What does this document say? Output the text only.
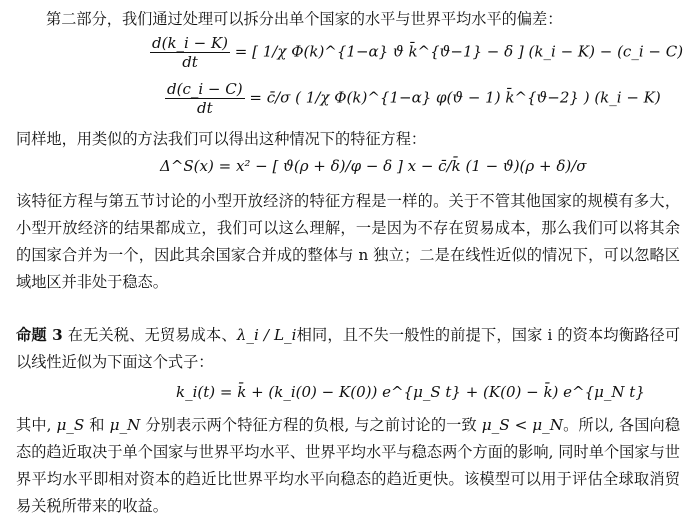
第二部分，我们通过处理可以拆分出单个国家的水平与世界平均水平的偏差：

$\frac{d(k\_i - K)}{dt}$ = [ 1/χ Φ(k)^{1−α} ϑ k̄^{ϑ−1} − δ ] (k_i − K) − (c_i − C)
$\frac{d(c\_i - C)}{dt}$ = c̄/σ ( 1/χ Φ(k)^{1−α} φ(ϑ − 1) k̄^{ϑ−2} ) (k_i − K)

同样地，用类似的方法我们可以得出这种情况下的特征方程：

Δ^S(x) = x² − [ ϑ(ρ + δ)/φ − δ ] x − c̄/k̄ (1 − ϑ)(ρ + δ)/σ

该特征方程与第五节讨论的小型开放经济的特征方程是一样的。关于不管其他国家的规模有多大，小型开放经济的结果都成立，我们可以这么理解，一是因为不存在贸易成本，那么我们可以将其余的国家合并为一个，因此其余国家合并成的整体与 n 独立；二是在线性近似的情况下，可以忽略区域地区并非处于稳态。

命题 3 在无关税、无贸易成本、λ_i / L_i相同，且不失一般性的前提下，国家 i 的资本均衡路径可以线性近似为下面这个式子：

k_i(t) = k̄ + (k_i(0) − K(0)) e^{μ_S t} + (K(0) − k̄) e^{μ_N t}

其中, μ_S 和 μ_N 分别表示两个特征方程的负根, 与之前讨论的一致 μ_S < μ_N。所以, 各国向稳态的趋近取决于单个国家与世界平均水平、世界平均水平与稳态两个方面的影响, 同时单个国家与世界平均水平即相对资本的趋近比世界平均水平向稳态的趋近更快。该模型可以用于评估全球取消贸易关税所带来的收益。
